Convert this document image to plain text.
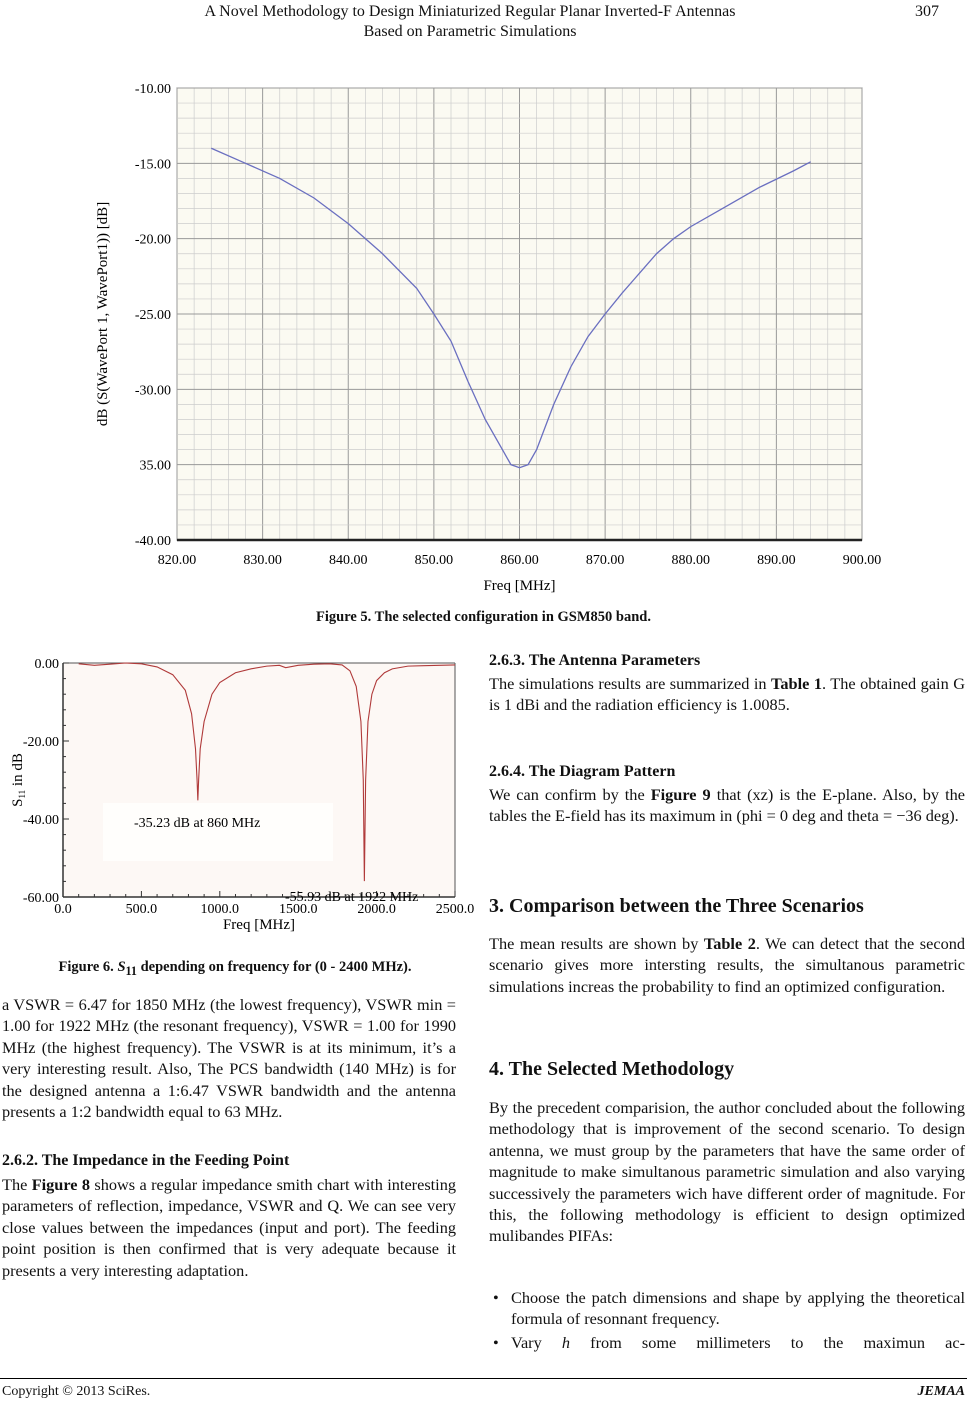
A Novel Methodology to Design Miniaturized Regular Planar Inverted-F Antennas
Based on Parametric Simulations
307
820.00	830.00	840.00	850.00	860.00	870.00	880.00	890.00	900.00
-10.00
-15.00
-20.00
-25.00
-30.00
35.00
-40.00
Freq [MHz]
dB (S(WavePort 1, WavePort1)) [dB]
Figure 5. The selected configuration in GSM850 band.
0.0	500.0	1000.0	1500.0	2000.0	2500.0
0.00
-20.00
-40.00
-60.00
Freq [MHz]
$S_{11}$ in dB
-35.23 dB at 860 MHz
-55.93 dB at 1922 MHz
Figure 6. $S_{11}$ depending on frequency for (0 - 2400 MHz).
a VSWR = 6.47 for 1850 MHz (the lowest frequency), VSWR min = 1.00 for 1922 MHz (the resonant frequency), VSWR = 1.00 for 1990 MHz (the highest frequency). The VSWR is at its minimum, it’s a very interesting result. Also, The PCS bandwidth (140 MHz) is for the designed antenna a 1:6.47 VSWR bandwidth and the antenna presents a 1:2 bandwidth equal to 63 MHz.
2.6.2. The Impedance in the Feeding Point
The Figure 8 shows a regular impedance smith chart with interesting parameters of reflection, impedance, VSWR and Q. We can see very close values between the impedances (input and port). The feeding point position is then confirmed that is very adequate because it presents a very interesting adaptation.
2.6.3. The Antenna Parameters
The simulations results are summarized in Table 1. The obtained gain G is 1 dBi and the radiation efficiency is 1.0085.
2.6.4. The Diagram Pattern
We can confirm by the Figure 9 that (xz) is the E-plane. Also, by the tables the E-field has its maximum in (phi = 0 deg and theta = −36 deg).
3. Comparison between the Three Scenarios
The mean results are shown by Table 2. We can detect that the second scenario gives more intersting results, the simultanous parametric simulations increas the probability to find an optimized configuration.
4. The Selected Methodology
By the precedent comparision, the author concluded about the following methodology that is improvement of the second scenario. To design antenna, we must group by the parameters that have the same order of magnitude to make simultanous parametric simulation and also varying successively the parameters wich have different order of magnitude. For this, the following methodology is efficient to design optimized mulibandes PIFAs:
• Choose the patch dimensions and shape by applying the theoretical formula of resonnant frequency.
• Vary h from some millimeters to the maximun ac-
Copyright © 2013 SciRes.	JEMAA
